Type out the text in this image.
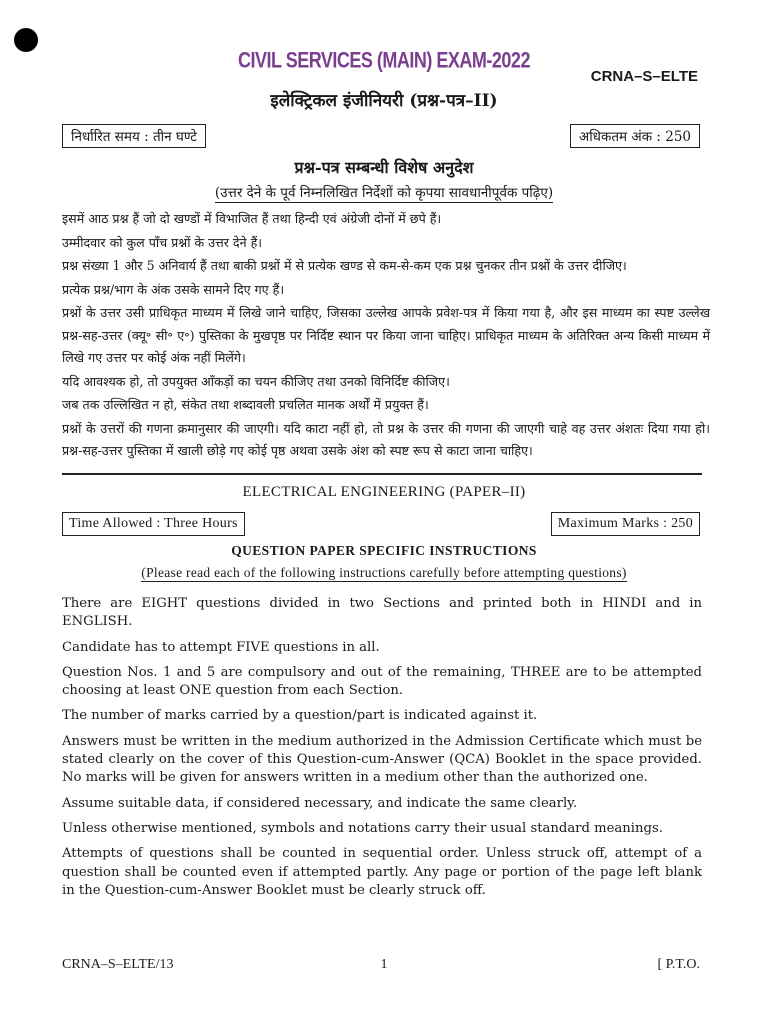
CIVIL SERVICES (MAIN) EXAM-2022
CRNA–S–ELTE
इलेक्ट्रिकल इंजीनियरी (प्रश्न-पत्र–II)
निर्धारित समय : तीन घण्टे	अधिकतम अंक : 250
प्रश्न-पत्र सम्बन्धी विशेष अनुदेश
(उत्तर देने के पूर्व निम्नलिखित निर्देशों को कृपया सावधानीपूर्वक पढ़िए)

इसमें आठ प्रश्न हैं जो दो खण्डों में विभाजित हैं तथा हिन्दी एवं अंग्रेजी दोनों में छपे हैं।

उम्मीदवार को कुल पाँच प्रश्नों के उत्तर देने हैं।

प्रश्न संख्या 1 और 5 अनिवार्य हैं तथा बाकी प्रश्नों में से प्रत्येक खण्ड से कम-से-कम एक प्रश्न चुनकर तीन प्रश्नों के उत्तर दीजिए।

प्रत्येक प्रश्न/भाग के अंक उसके सामने दिए गए हैं।

प्रश्नों के उत्तर उसी प्राधिकृत माध्यम में लिखे जाने चाहिए, जिसका उल्लेख आपके प्रवेश-पत्र में किया गया है, और इस माध्यम का स्पष्ट उल्लेख प्रश्न-सह-उत्तर (क्यू॰ सी॰ ए॰) पुस्तिका के मुखपृष्ठ पर निर्दिष्ट स्थान पर किया जाना चाहिए। प्राधिकृत माध्यम के अतिरिक्त अन्य किसी माध्यम में लिखे गए उत्तर पर कोई अंक नहीं मिलेंगे।

यदि आवश्यक हो, तो उपयुक्त आँकड़ों का चयन कीजिए तथा उनको विनिर्दिष्ट कीजिए।

जब तक उल्लिखित न हो, संकेत तथा शब्दावली प्रचलित मानक अर्थों में प्रयुक्त हैं।

प्रश्नों के उत्तरों की गणना क्रमानुसार की जाएगी। यदि काटा नहीं हो, तो प्रश्न के उत्तर की गणना की जाएगी चाहे वह उत्तर अंशतः दिया गया हो। प्रश्न-सह-उत्तर पुस्तिका में खाली छोड़े गए कोई पृष्ठ अथवा उसके अंश को स्पष्ट रूप से काटा जाना चाहिए।

ELECTRICAL ENGINEERING (PAPER–II)
Time Allowed : Three Hours	Maximum Marks : 250
QUESTION PAPER SPECIFIC INSTRUCTIONS
(Please read each of the following instructions carefully before attempting questions)

There are EIGHT questions divided in two Sections and printed both in HINDI and in ENGLISH.

Candidate has to attempt FIVE questions in all.

Question Nos. 1 and 5 are compulsory and out of the remaining, THREE are to be attempted choosing at least ONE question from each Section.

The number of marks carried by a question/part is indicated against it.

Answers must be written in the medium authorized in the Admission Certificate which must be stated clearly on the cover of this Question-cum-Answer (QCA) Booklet in the space provided. No marks will be given for answers written in a medium other than the authorized one.

Assume suitable data, if considered necessary, and indicate the same clearly.

Unless otherwise mentioned, symbols and notations carry their usual standard meanings.

Attempts of questions shall be counted in sequential order. Unless struck off, attempt of a question shall be counted even if attempted partly. Any page or portion of the page left blank in the Question-cum-Answer Booklet must be clearly struck off.

CRNA–S–ELTE/13	1	[ P.T.O.
